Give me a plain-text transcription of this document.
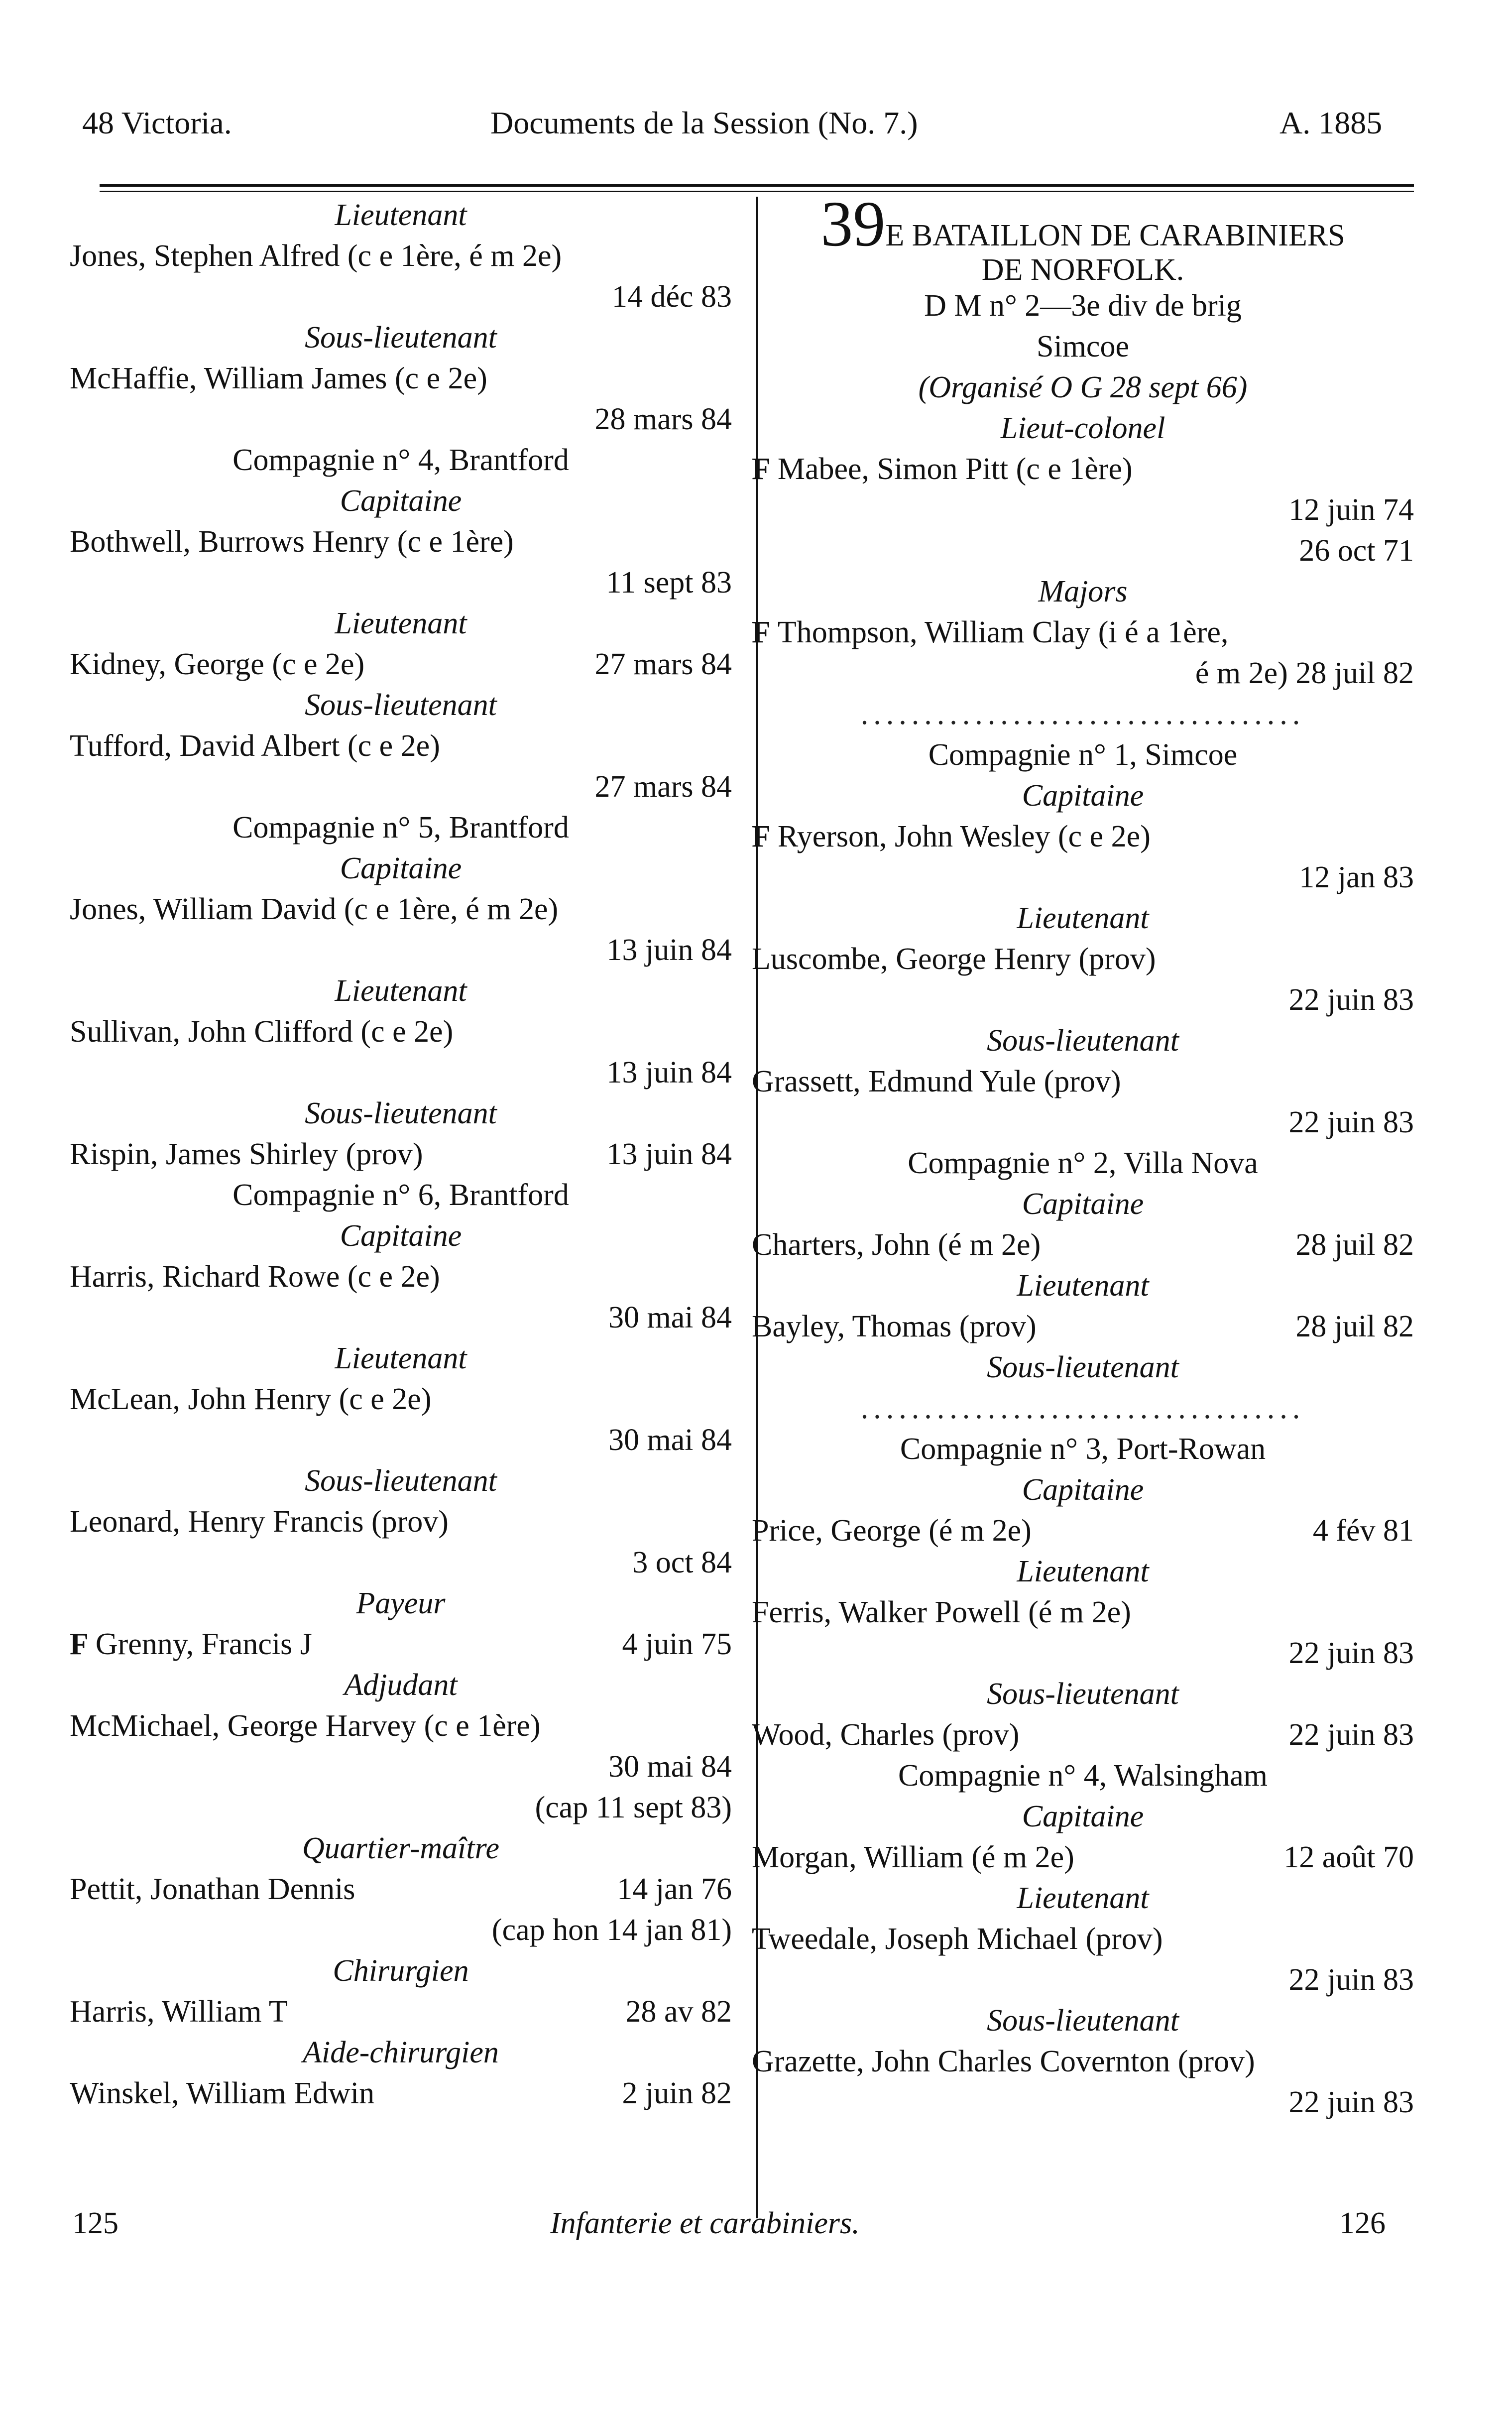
48 Victoria.	Documents de la Session (No. 7.)	A. 1885
Lieutenant
Jones, Stephen Alfred (c e 1ère, é m 2e)
14 déc 83
Sous-lieutenant
McHaffie, William James (c e 2e)
28 mars 84
Compagnie n° 4, Brantford
Capitaine
Bothwell, Burrows Henry (c e 1ère)
11 sept 83
Lieutenant
Kidney, George (c e 2e)	27 mars 84
Sous-lieutenant
Tufford, David Albert (c e 2e)
27 mars 84
Compagnie n° 5, Brantford
Capitaine
Jones, William David (c e 1ère, é m 2e)
13 juin 84
Lieutenant
Sullivan, John Clifford (c e 2e)
13 juin 84
Sous-lieutenant
Rispin, James Shirley (prov)	13 juin 84
Compagnie n° 6, Brantford
Capitaine
Harris, Richard Rowe (c e 2e)
30 mai 84
Lieutenant
McLean, John Henry (c e 2e)
30 mai 84
Sous-lieutenant
Leonard, Henry Francis (prov)
3 oct 84
Payeur
F Grenny, Francis J	4 juin 75
Adjudant
McMichael, George Harvey (c e 1ère)
30 mai 84
(cap 11 sept 83)
Quartier-maître
Pettit, Jonathan Dennis	14 jan 76
(cap hon 14 jan 81)
Chirurgien
Harris, William T	28 av 82
Aide-chirurgien
Winskel, William Edwin	2 juin 82
39E BATAILLON DE CARABINIERS
DE NORFOLK.
D M n° 2—3e div de brig
Simcoe
(Organisé O G 28 sept 66)
Lieut-colonel
F Mabee, Simon Pitt (c e 1ère)
12 juin 74
26 oct 71
Majors
F Thompson, William Clay (i é a 1ère,
é m 2e) 28 juil 82
...................................
Compagnie n° 1, Simcoe
Capitaine
F Ryerson, John Wesley (c e 2e)
12 jan 83
Lieutenant
Luscombe, George Henry (prov)
22 juin 83
Sous-lieutenant
Grassett, Edmund Yule (prov)
22 juin 83
Compagnie n° 2, Villa Nova
Capitaine
Charters, John (é m 2e)	28 juil 82
Lieutenant
Bayley, Thomas (prov)	28 juil 82
Sous-lieutenant
...................................
Compagnie n° 3, Port-Rowan
Capitaine
Price, George (é m 2e)	4 fév 81
Lieutenant
Ferris, Walker Powell (é m 2e)
22 juin 83
Sous-lieutenant
Wood, Charles (prov)	22 juin 83
Compagnie n° 4, Walsingham
Capitaine
Morgan, William (é m 2e)	12 août 70
Lieutenant
Tweedale, Joseph Michael (prov)
22 juin 83
Sous-lieutenant
Grazette, John Charles Covernton (prov)
22 juin 83
125	Infanterie et carabiniers.	126
